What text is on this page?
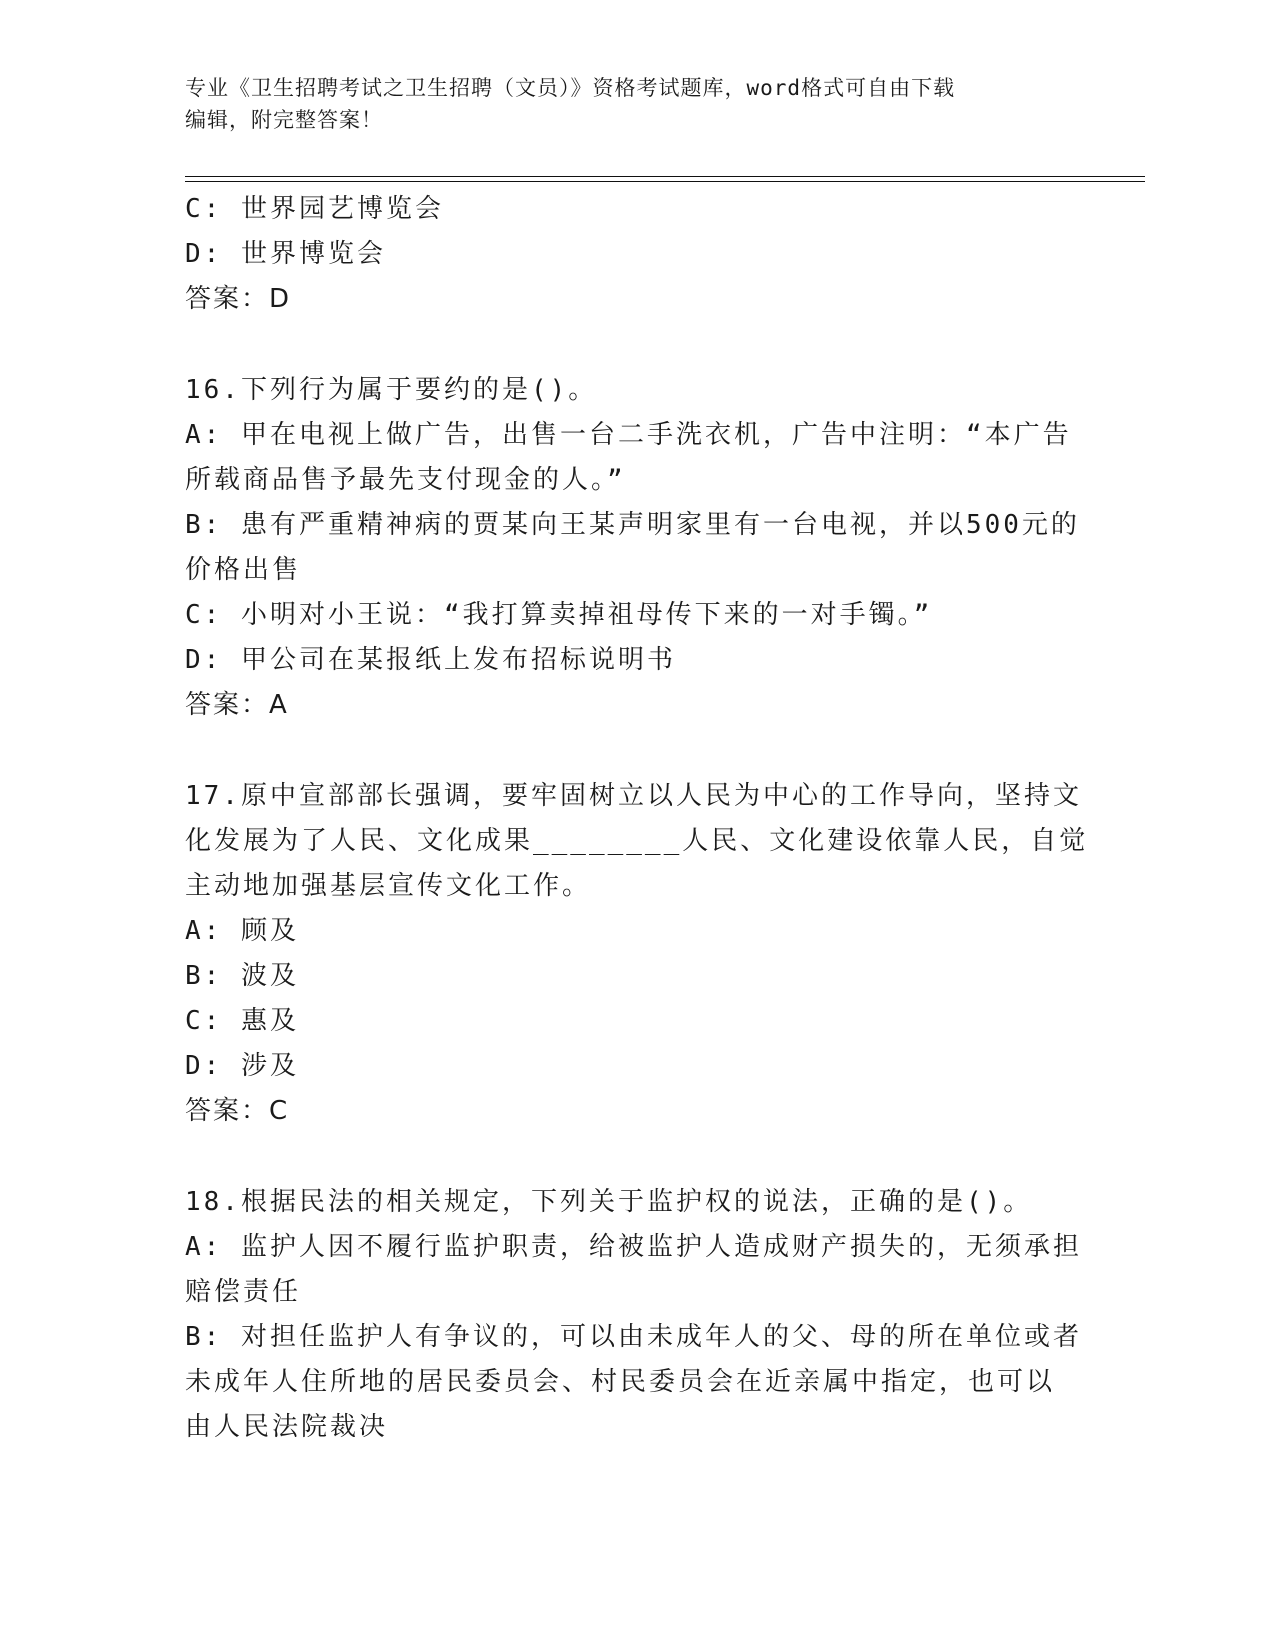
专业《卫生招聘考试之卫生招聘（文员）》资格考试题库，word格式可自由下载
编辑，附完整答案！
C: 世界园艺博览会
D: 世界博览会
答案：D
16.下列行为属于要约的是()。
A: 甲在电视上做广告，出售一台二手洗衣机，广告中注明：“本广告
所载商品售予最先支付现金的人。”
B: 患有严重精神病的贾某向王某声明家里有一台电视，并以500元的
价格出售
C: 小明对小王说：“我打算卖掉祖母传下来的一对手镯。”
D: 甲公司在某报纸上发布招标说明书
答案：A
17.原中宣部部长强调，要牢固树立以人民为中心的工作导向，坚持文
化发展为了人民、文化成果________人民、文化建设依靠人民，自觉
主动地加强基层宣传文化工作。
A: 顾及
B: 波及
C: 惠及
D: 涉及
答案：C
18.根据民法的相关规定，下列关于监护权的说法，正确的是()。
A: 监护人因不履行监护职责，给被监护人造成财产损失的，无须承担
赔偿责任
B: 对担任监护人有争议的，可以由未成年人的父、母的所在单位或者
未成年人住所地的居民委员会、村民委员会在近亲属中指定，也可以
由人民法院裁决
